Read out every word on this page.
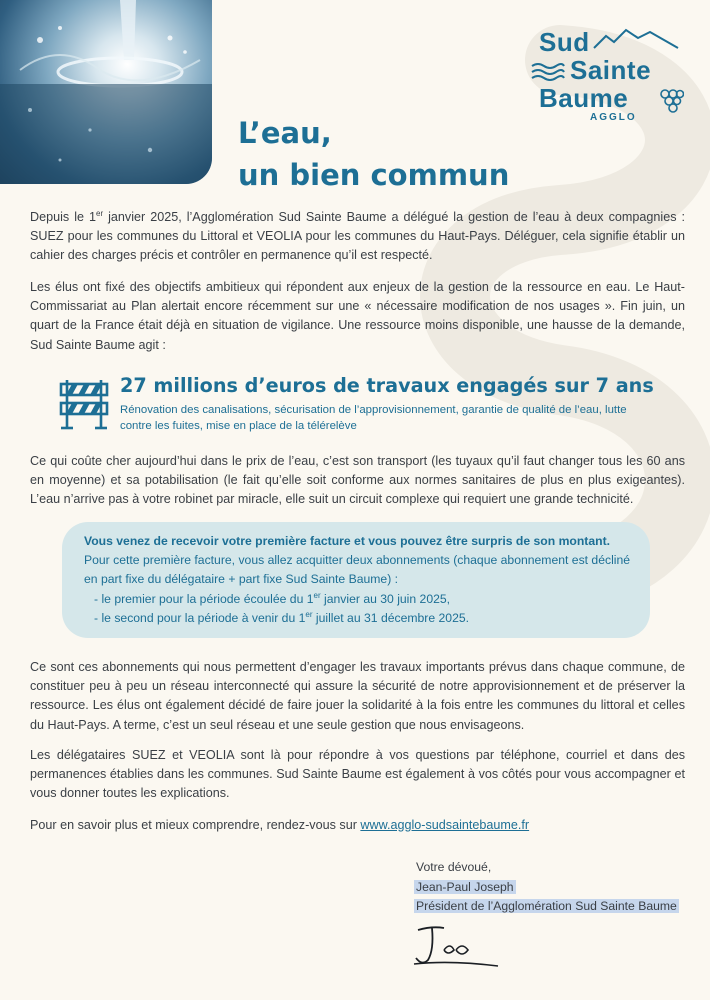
Sud
Sainte
Baume
AGGLO
L’eau,
un bien commun

Depuis le 1er janvier 2025, l’Agglomération Sud Sainte Baume a délégué la gestion de l’eau à deux compagnies : SUEZ pour les communes du Littoral et VEOLIA pour les communes du Haut-Pays. Déléguer, cela signifie établir un cahier des charges précis et contrôler en permanence qu’il est respecté.

Les élus ont fixé des objectifs ambitieux qui répondent aux enjeux de la gestion de la ressource en eau. Le Haut-Commissariat au Plan alertait encore récemment sur une « nécessaire modification de nos usages ». Fin juin, un quart de la France était déjà en situation de vigilance. Une ressource moins disponible, une hausse de la demande, Sud Sainte Baume agit :

27 millions d’euros de travaux engagés sur 7 ans

Rénovation des canalisations, sécurisation de l’approvisionnement, garantie de qualité de l’eau, lutte contre les fuites, mise en place de la télérelève

Ce qui coûte cher aujourd’hui dans le prix de l’eau, c’est son transport (les tuyaux qu’il faut changer tous les 60 ans en moyenne) et sa potabilisation (le fait qu’elle soit conforme aux normes sanitaires de plus en plus exigeantes). L’eau n’arrive pas à votre robinet par miracle, elle suit un circuit complexe qui requiert une grande technicité.

Vous venez de recevoir votre première facture et vous pouvez être surpris de son montant.

Pour cette première facture, vous allez acquitter deux abonnements (chaque abonnement est décliné en part fixe du délégataire + part fixe Sud Sainte Baume) :

- le premier pour la période écoulée du 1er janvier au 30 juin 2025,

- le second pour la période à venir du 1er juillet au 31 décembre 2025.

Ce sont ces abonnements qui nous permettent d’engager les travaux importants prévus dans chaque commune, de constituer peu à peu un réseau interconnecté qui assure la sécurité de notre approvisionnement et de préserver la ressource. Les élus ont également décidé de faire jouer la solidarité à la fois entre les communes du littoral et celles du Haut-Pays. A terme, c’est un seul réseau et une seule gestion que nous envisageons.

Les délégataires SUEZ et VEOLIA sont là pour répondre à vos questions par téléphone, courriel et dans des permanences établies dans les communes. Sud Sainte Baume est également à vos côtés pour vous accompagner et vous donner toutes les explications.

Pour en savoir plus et mieux comprendre, rendez-vous sur www.agglo-sudsaintebaume.fr

Votre dévoué,
Jean-Paul Joseph
Président de l’Agglomération Sud Sainte Baume
